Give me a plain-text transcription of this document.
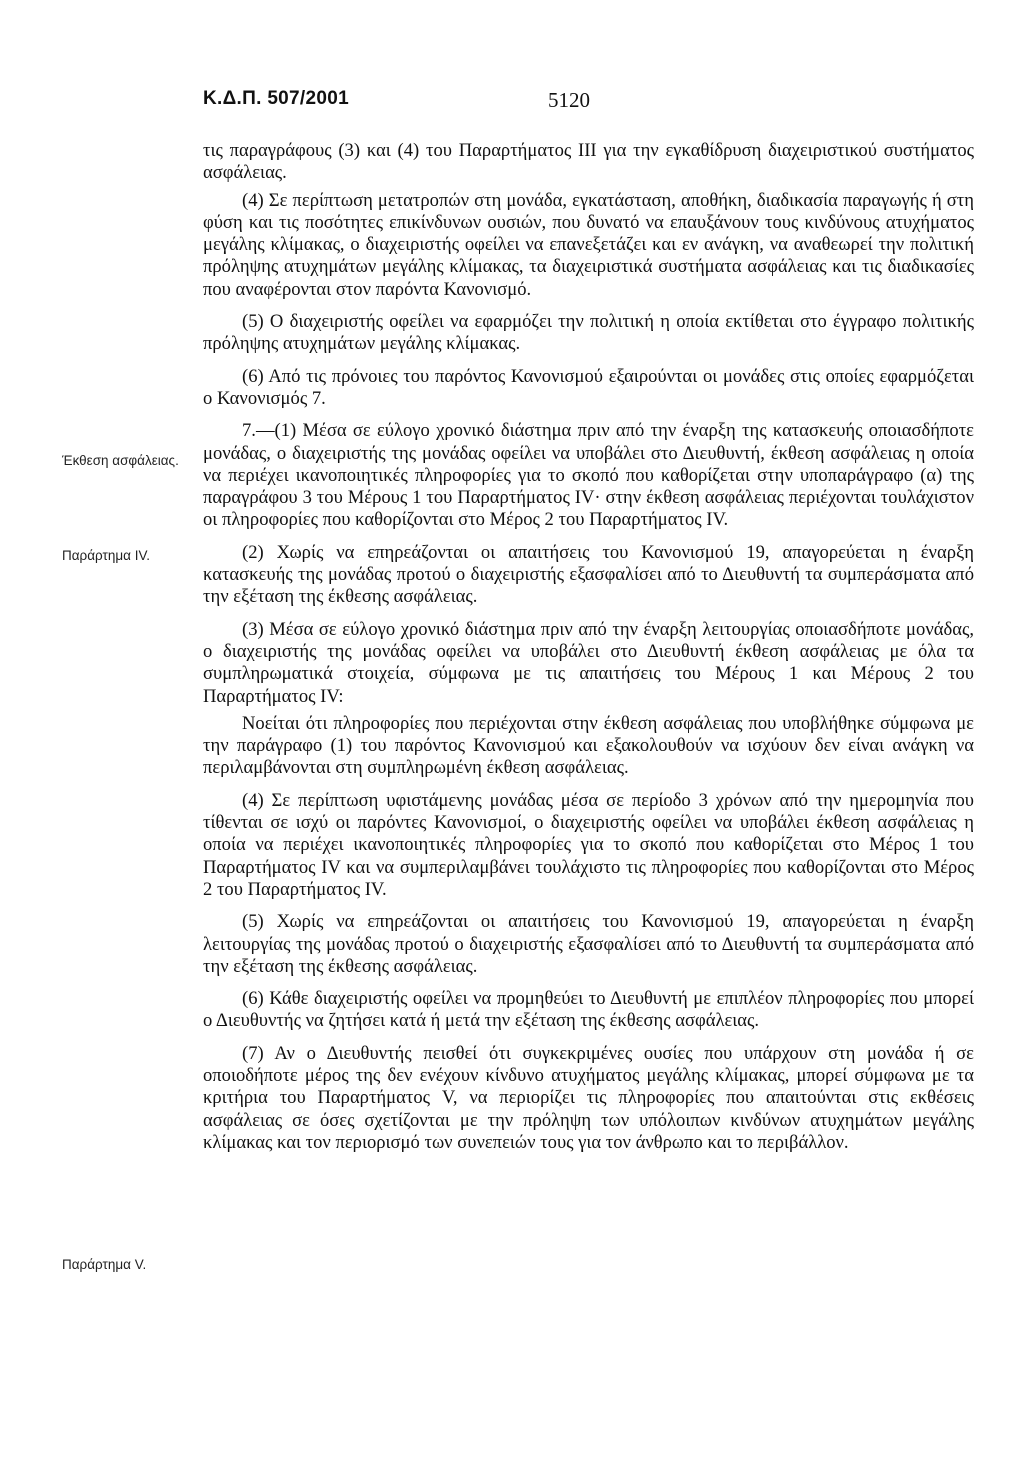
Κ.Δ.Π. 507/2001	5120
Έκθεση ασφάλειας.
Παράρτημα IV.
Παράρτημα V.

τις παραγράφους (3) και (4) του Παραρτήματος ΙΙΙ για την εγκαθίδρυση διαχειριστικού συστήματος ασφάλειας.

(4) Σε περίπτωση μετατροπών στη μονάδα, εγκατάσταση, αποθήκη, διαδικασία παραγωγής ή στη φύση και τις ποσότητες επικίνδυνων ουσιών, που δυνατό να επαυξάνουν τους κινδύνους ατυχήματος μεγάλης κλίμακας, ο διαχειριστής οφείλει να επανεξετάζει και εν ανάγκη, να αναθεωρεί την πολιτική πρόληψης ατυχημάτων μεγάλης κλίμακας, τα διαχειριστικά συστήματα ασφάλειας και τις διαδικασίες που αναφέρονται στον παρόντα Κανονισμό.

(5) Ο διαχειριστής οφείλει να εφαρμόζει την πολιτική η οποία εκτίθεται στο έγγραφο πολιτικής πρόληψης ατυχημάτων μεγάλης κλίμακας.

(6) Από τις πρόνοιες του παρόντος Κανονισμού εξαιρούνται οι μονάδες στις οποίες εφαρμόζεται ο Κανονισμός 7.

7.—(1) Μέσα σε εύλογο χρονικό διάστημα πριν από την έναρξη της κατασκευής οποιασδήποτε μονάδας, ο διαχειριστής της μονάδας οφείλει να υποβάλει στο Διευθυντή, έκθεση ασφάλειας η οποία να περιέχει ικανοποιητικές πληροφορίες για το σκοπό που καθορίζεται στην υποπαράγραφο (α) της παραγράφου 3 του Μέρους 1 του Παραρτήματος IV· στην έκθεση ασφάλειας περιέχονται τουλάχιστον οι πληροφορίες που καθορίζονται στο Μέρος 2 του Παραρτήματος IV.

(2) Χωρίς να επηρεάζονται οι απαιτήσεις του Κανονισμού 19, απαγορεύεται η έναρξη κατασκευής της μονάδας προτού ο διαχειριστής εξασφαλίσει από το Διευθυντή τα συμπεράσματα από την εξέταση της έκθεσης ασφάλειας.

(3) Μέσα σε εύλογο χρονικό διάστημα πριν από την έναρξη λειτουργίας οποιασδήποτε μονάδας, ο διαχειριστής της μονάδας οφείλει να υποβάλει στο Διευθυντή έκθεση ασφάλειας με όλα τα συμπληρωματικά στοιχεία, σύμφωνα με τις απαιτήσεις του Μέρους 1 και Μέρους 2 του Παραρτήματος IV:

Νοείται ότι πληροφορίες που περιέχονται στην έκθεση ασφάλειας που υποβλήθηκε σύμφωνα με την παράγραφο (1) του παρόντος Κανονισμού και εξακολουθούν να ισχύουν δεν είναι ανάγκη να περιλαμβάνονται στη συμπληρωμένη έκθεση ασφάλειας.

(4) Σε περίπτωση υφιστάμενης μονάδας μέσα σε περίοδο 3 χρόνων από την ημερομηνία που τίθενται σε ισχύ οι παρόντες Κανονισμοί, ο διαχειριστής οφείλει να υποβάλει έκθεση ασφάλειας η οποία να περιέχει ικανοποιητικές πληροφορίες για το σκοπό που καθορίζεται στο Μέρος 1 του Παραρτήματος IV και να συμπεριλαμβάνει τουλάχιστο τις πληροφορίες που καθορίζονται στο Μέρος 2 του Παραρτήματος IV.

(5) Χωρίς να επηρεάζονται οι απαιτήσεις του Κανονισμού 19, απαγορεύεται η έναρξη λειτουργίας της μονάδας προτού ο διαχειριστής εξασφαλίσει από το Διευθυντή τα συμπεράσματα από την εξέταση της έκθεσης ασφάλειας.

(6) Κάθε διαχειριστής οφείλει να προμηθεύει το Διευθυντή με επιπλέον πληροφορίες που μπορεί ο Διευθυντής να ζητήσει κατά ή μετά την εξέταση της έκθεσης ασφάλειας.

(7) Αν ο Διευθυντής πεισθεί ότι συγκεκριμένες ουσίες που υπάρχουν στη μονάδα ή σε οποιοδήποτε μέρος της δεν ενέχουν κίνδυνο ατυχήματος μεγάλης κλίμακας, μπορεί σύμφωνα με τα κριτήρια του Παραρτήματος V, να περιορίζει τις πληροφορίες που απαιτούνται στις εκθέσεις ασφάλειας σε όσες σχετίζονται με την πρόληψη των υπόλοιπων κινδύνων ατυχημάτων μεγάλης κλίμακας και τον περιορισμό των συνεπειών τους για τον άνθρωπο και το περιβάλλον.
